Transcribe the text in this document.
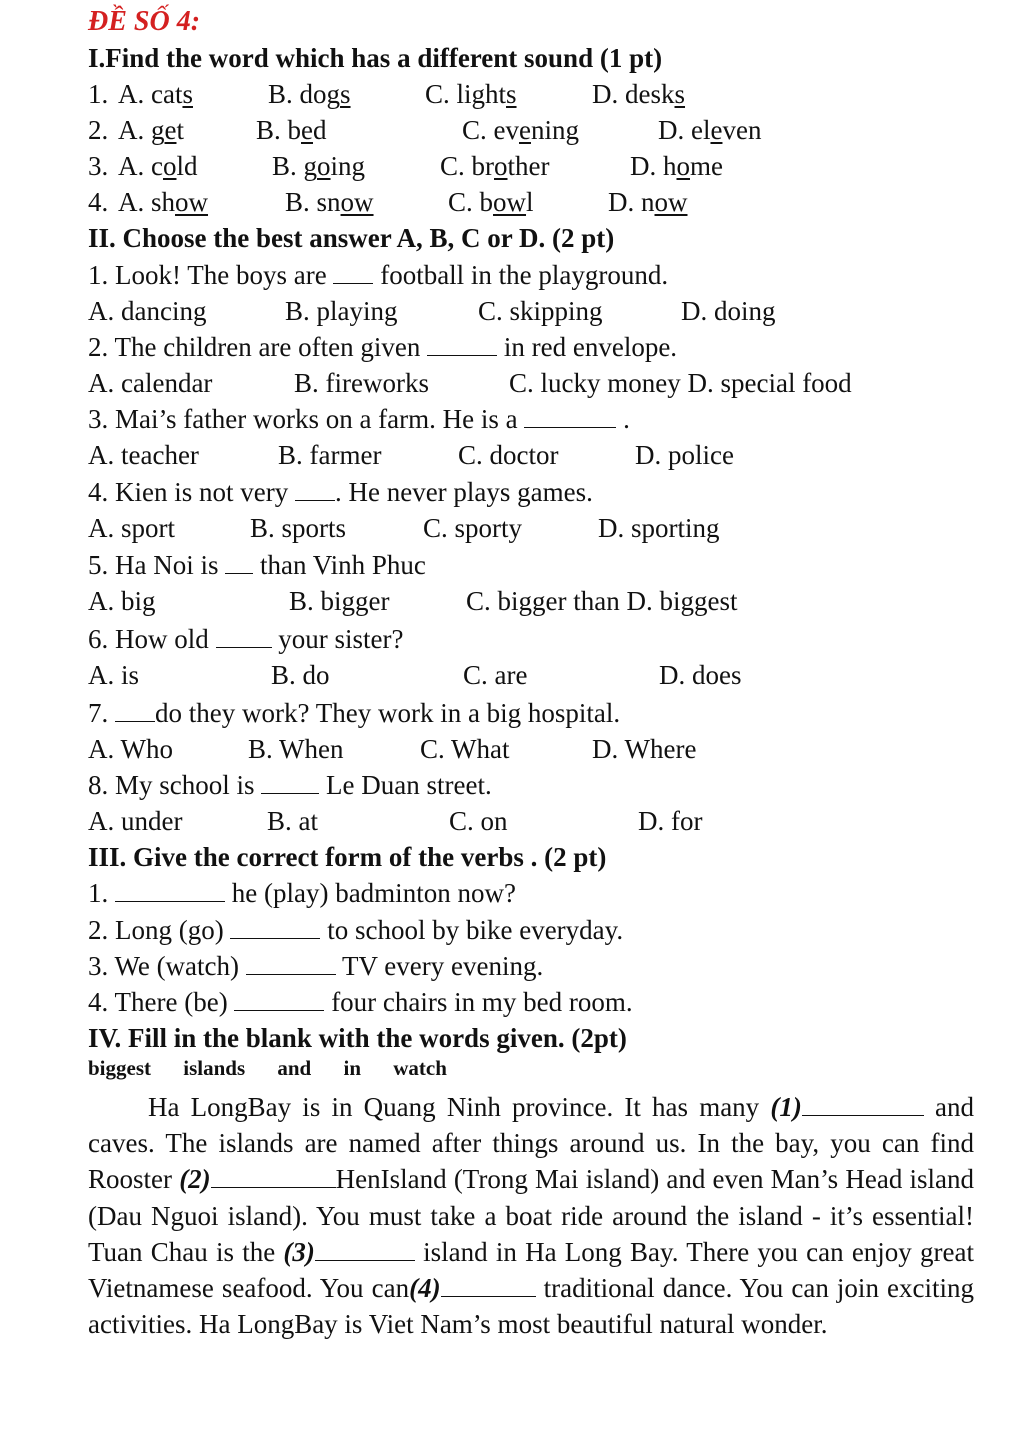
ĐỀ SỐ 4:
I.Find the word which has a different sound (1 pt)
1. A. cats	B. dogs	C. lights	D. desks
2. A. get	B. bed	C. evening	D. eleven
3. A. cold	B. going	C. brother	D. home
4. A. show	B. snow	C. bowl	D. now
II. Choose the best answer A, B, C or D. (2 pt)
1. Look! The boys are  football in the playground.
A. dancing	B. playing	C. skipping	D. doing
2. The children are often given	in red envelope.
A. calendar	B. fireworks	C. lucky money D. special food
3. Mai’s father works on a farm. He is a	.
A. teacher	B. farmer	C. doctor	D. police
4. Kien is not very . He never plays games.
A. sport	B. sports	C. sporty	D. sporting
5. Ha Noi is  than Vinh Phuc
A. big	B. bigger	C. bigger than D. biggest
6. How old  your sister?
A. is	B. do	C. are	D. does
7. do they work? They work in a big hospital.
A. Who	B. When	C. What	D. Where
8. My school is  Le Duan street.
A. under	B. at	C. on	D. for
III. Give the correct form of the verbs . (2 pt)
1.	he (play) badminton now?
2. Long (go)	to school by bike everyday.
3. We (watch)	TV every evening.
4. There (be)	four chairs in my bed room.
IV. Fill in the blank with the words given. (2pt)
biggest islands and in watch
Ha LongBay is in Quang Ninh province. It has many (1)	and caves. The islands are named after things around us. In the bay, you can find Rooster (2)	HenIsland (Trong Mai island) and even Man’s Head island (Dau Nguoi island). You must take a boat ride around the island - it’s essential! Tuan Chau is the (3)	island in Ha Long Bay. There you can enjoy great Vietnamese seafood. You can(4)	traditional dance. You can join exciting activities. Ha LongBay is Viet Nam’s most beautiful natural wonder.
